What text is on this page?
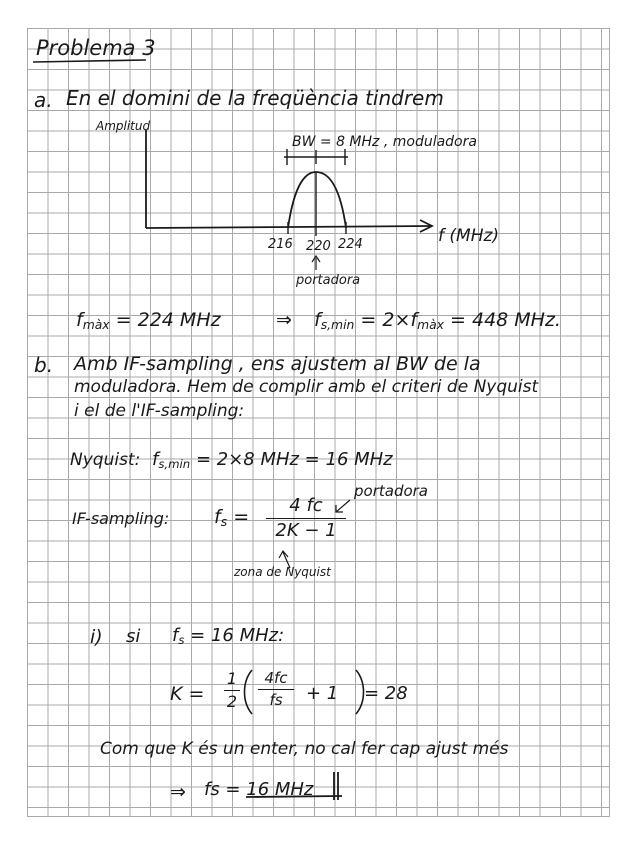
Problema 3
a. En el domini de la freqüència tindrem
Amplitud
BW = 8 MHz , moduladora
216 220 224	f (MHz)
portadora
$f_{màx} = 224$ MHz	⇒ $f_{s,min} = 2\times f_{màx} = 448$ MHz.
b. Amb IF-sampling , ens ajustem al BW de la
moduladora. Hem de complir amb el criteri de Nyquist
i el de l'IF-sampling:
Nyquist: $f_{s,min} = 2\times 8$ MHz = 16 MHz
IF-sampling: $f_s$ =
4 fc
2K − 1
portadora
zona de Nyquist
i) si $f_s = 16$ MHz:
K =
1
2
4fc
fs	+ 1 = 28
Com que K és un enter, no cal fer cap ajust més
⇒ fs = 16 MHz
